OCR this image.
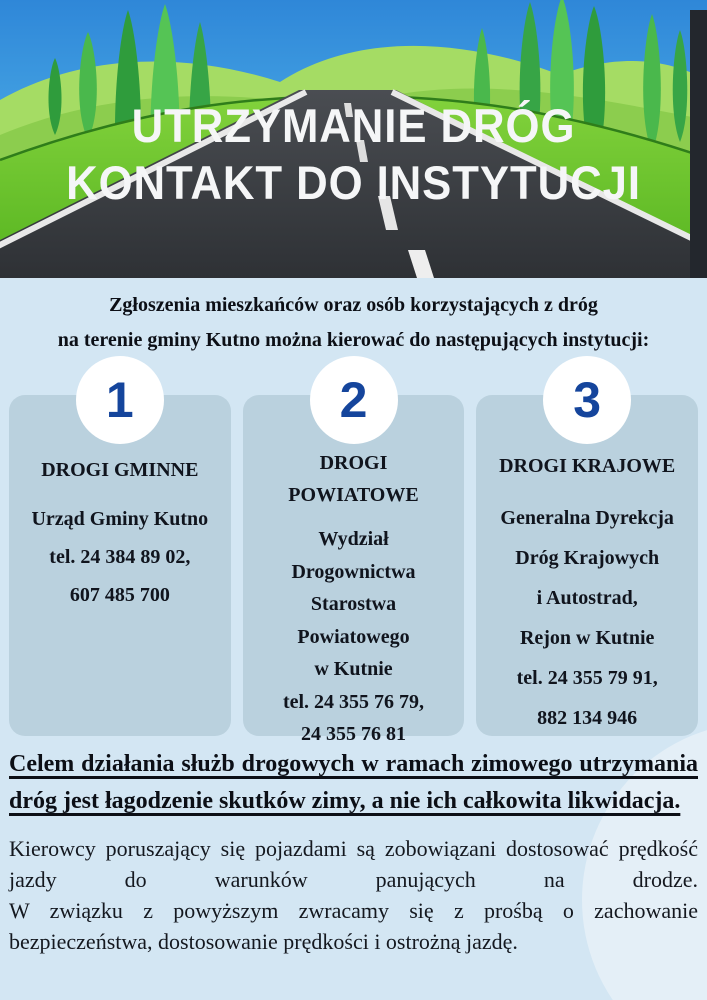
UTRZYMANIE DRÓG
KONTAKT DO INSTYTUCJI
Zgłoszenia mieszkańców oraz osób korzystających z dróg
na terenie gminy Kutno można kierować do następujących instytucji:
1
DROGI GMINNE
Urząd Gminy Kutno
tel. 24 384 89 02,
607 485 700
2
DROGI POWIATOWE
Wydział
Drogownictwa
Starostwa
Powiatowego
w Kutnie
tel. 24 355 76 79,
24 355 76 81
3
DROGI KRAJOWE
Generalna Dyrekcja
Dróg Krajowych
i Autostrad,
Rejon w Kutnie
tel. 24 355 79 91,
882 134 946

Celem działania służb drogowych w ramach zimowego utrzymania dróg jest łagodzenie skutków zimy, a nie ich całkowita likwidacja.

Kierowcy poruszający się pojazdami są zobowiązani dostosować prędkość jazdy do warunków panujących na drodze.
W związku z powyższym zwracamy się z prośbą o zachowanie bezpieczeństwa, dostosowanie prędkości i ostrożną jazdę.
